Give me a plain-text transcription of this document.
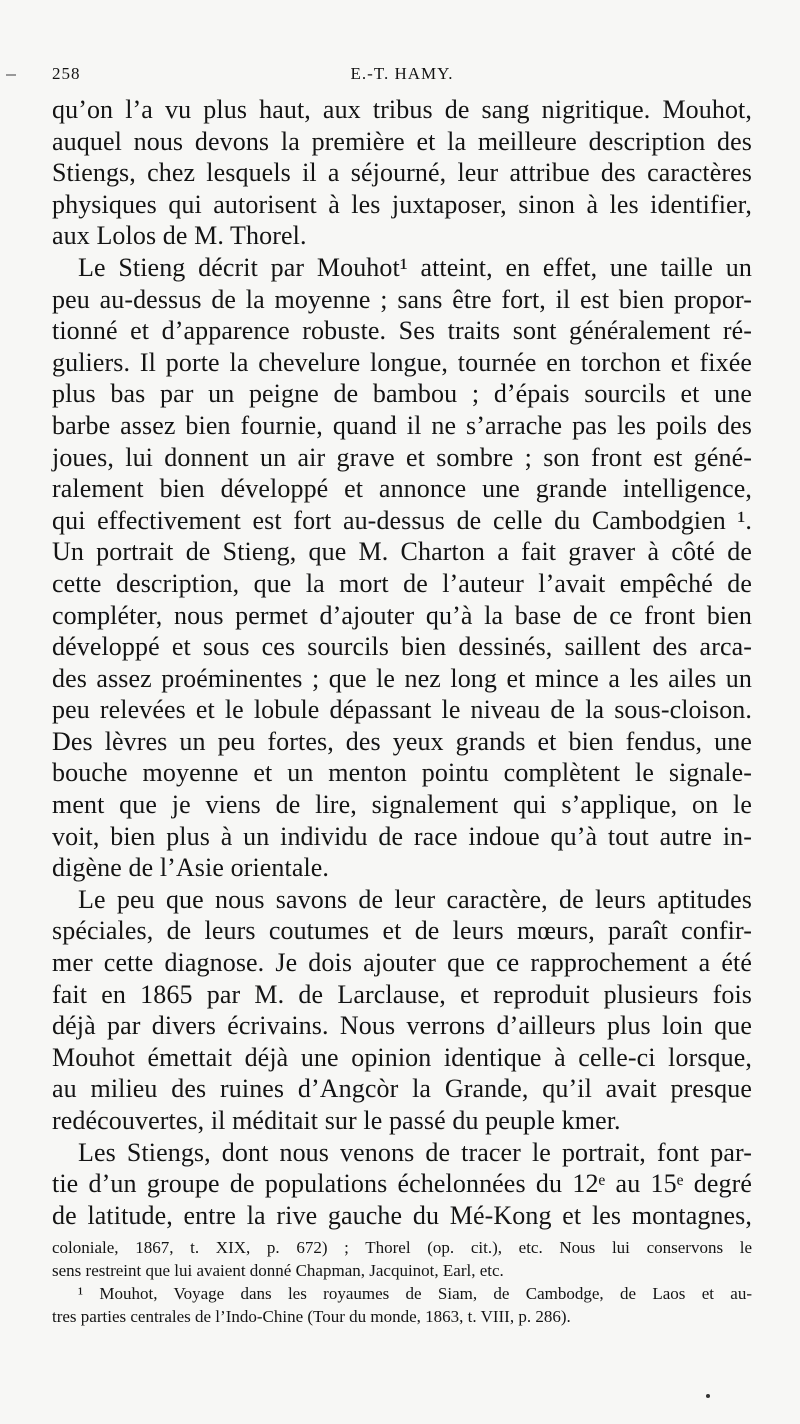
258	E.-T. HAMY.
qu’on l’a vu plus haut, aux tribus de sang nigritique. Mouhot,
auquel nous devons la première et la meilleure description des
Stiengs, chez lesquels il a séjourné, leur attribue des caractères
physiques qui autorisent à les juxtaposer, sinon à les identifier,
aux Lolos de M. Thorel.
Le Stieng décrit par Mouhot¹ atteint, en effet, une taille un
peu au-dessus de la moyenne ; sans être fort, il est bien propor-
tionné et d’apparence robuste. Ses traits sont généralement ré-
guliers. Il porte la chevelure longue, tournée en torchon et fixée
plus bas par un peigne de bambou ; d’épais sourcils et une
barbe assez bien fournie, quand il ne s’arrache pas les poils des
joues, lui donnent un air grave et sombre ; son front est géné-
ralement bien développé et annonce une grande intelligence,
qui effectivement est fort au-dessus de celle du Cambodgien ¹.
Un portrait de Stieng, que M. Charton a fait graver à côté de
cette description, que la mort de l’auteur l’avait empêché de
compléter, nous permet d’ajouter qu’à la base de ce front bien
développé et sous ces sourcils bien dessinés, saillent des arca-
des assez proéminentes ; que le nez long et mince a les ailes un
peu relevées et le lobule dépassant le niveau de la sous-cloison.
Des lèvres un peu fortes, des yeux grands et bien fendus, une
bouche moyenne et un menton pointu complètent le signale-
ment que je viens de lire, signalement qui s’applique, on le
voit, bien plus à un individu de race indoue qu’à tout autre in-
digène de l’Asie orientale.
Le peu que nous savons de leur caractère, de leurs aptitudes
spéciales, de leurs coutumes et de leurs mœurs, paraît confir-
mer cette diagnose. Je dois ajouter que ce rapprochement a été
fait en 1865 par M. de Larclause, et reproduit plusieurs fois
déjà par divers écrivains. Nous verrons d’ailleurs plus loin que
Mouhot émettait déjà une opinion identique à celle-ci lorsque,
au milieu des ruines d’Angcòr la Grande, qu’il avait presque
redécouvertes, il méditait sur le passé du peuple kmer.
Les Stiengs, dont nous venons de tracer le portrait, font par-
tie d’un groupe de populations échelonnées du 12ᵉ au 15ᵉ degré
de latitude, entre la rive gauche du Mé-Kong et les montagnes,
coloniale, 1867, t. XIX, p. 672) ; Thorel (op. cit.), etc. Nous lui conservons le
sens restreint que lui avaient donné Chapman, Jacquinot, Earl, etc.
¹ Mouhot, Voyage dans les royaumes de Siam, de Cambodge, de Laos et au-
tres parties centrales de l’Indo-Chine (Tour du monde, 1863, t. VIII, p. 286).
